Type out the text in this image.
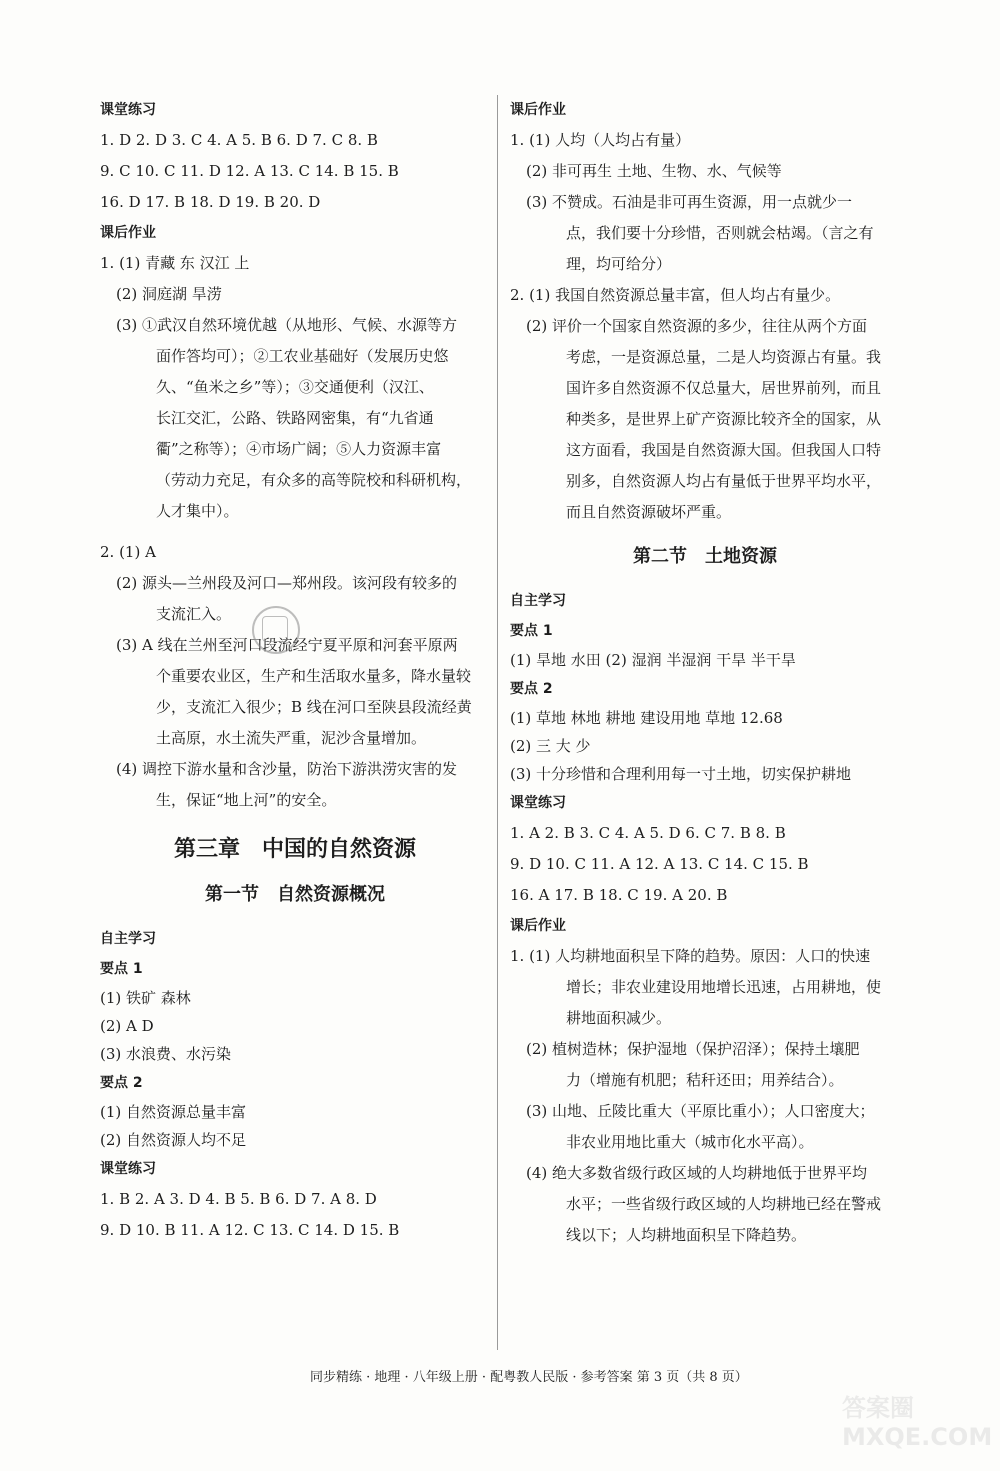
课堂练习
1. D 2. D 3. C 4. A 5. B 6. D 7. C 8. B
9. C 10. C 11. D 12. A 13. C 14. B 15. B
16. D 17. B 18. D 19. B 20. D
课后作业
1. (1) 青藏 东 汉江 上
(2) 洞庭湖 旱涝
(3) ①武汉自然环境优越（从地形、气候、水源等方
面作答均可）；②工农业基础好（发展历史悠
久、“鱼米之乡”等）；③交通便利（汉江、
长江交汇，公路、铁路网密集，有“九省通
衢”之称等）；④市场广阔；⑤人力资源丰富
（劳动力充足，有众多的高等院校和科研机构，
人才集中）。
2. (1) A
(2) 源头—兰州段及河口—郑州段。该河段有较多的
支流汇入。
(3) A 线在兰州至河口段流经宁夏平原和河套平原两
个重要农业区，生产和生活取水量多，降水量较
少，支流汇入很少；B 线在河口至陕县段流经黄
土高原，水土流失严重，泥沙含量增加。
(4) 调控下游水量和含沙量，防治下游洪涝灾害的发
生，保证“地上河”的安全。
第三章　中国的自然资源
第一节　自然资源概况
自主学习
要点 1
(1) 铁矿 森林
(2) A D
(3) 水浪费、水污染
要点 2
(1) 自然资源总量丰富
(2) 自然资源人均不足
课堂练习
1. B 2. A 3. D 4. B 5. B 6. D 7. A 8. D
9. D 10. B 11. A 12. C 13. C 14. D 15. B
课后作业
1. (1) 人均（人均占有量）
(2) 非可再生 土地、生物、水、气候等
(3) 不赞成。石油是非可再生资源，用一点就少一
点，我们要十分珍惜，否则就会枯竭。（言之有
理，均可给分）
2. (1) 我国自然资源总量丰富，但人均占有量少。
(2) 评价一个国家自然资源的多少，往往从两个方面
考虑，一是资源总量，二是人均资源占有量。我
国许多自然资源不仅总量大，居世界前列，而且
种类多，是世界上矿产资源比较齐全的国家，从
这方面看，我国是自然资源大国。但我国人口特
别多，自然资源人均占有量低于世界平均水平，
而且自然资源破坏严重。
第二节　土地资源
自主学习
要点 1
(1) 旱地 水田 (2) 湿润 半湿润 干旱 半干旱
要点 2
(1) 草地 林地 耕地 建设用地 草地 12.68
(2) 三 大 少
(3) 十分珍惜和合理利用每一寸土地，切实保护耕地
课堂练习
1. A 2. B 3. C 4. A 5. D 6. C 7. B 8. B
9. D 10. C 11. A 12. A 13. C 14. C 15. B
16. A 17. B 18. C 19. A 20. B
课后作业
1. (1) 人均耕地面积呈下降的趋势。原因：人口的快速
增长；非农业建设用地增长迅速，占用耕地，使
耕地面积减少。
(2) 植树造林；保护湿地（保护沼泽）；保持土壤肥
力（增施有机肥；秸秆还田；用养结合）。
(3) 山地、丘陵比重大（平原比重小）；人口密度大；
非农业用地比重大（城市化水平高）。
(4) 绝大多数省级行政区域的人均耕地低于世界平均
水平；一些省级行政区域的人均耕地已经在警戒
线以下；人均耕地面积呈下降趋势。
同步精练 · 地理 · 八年级上册 · 配粤教人民版 · 参考答案 第 3 页（共 8 页）
答案圈 MXQE.COM
